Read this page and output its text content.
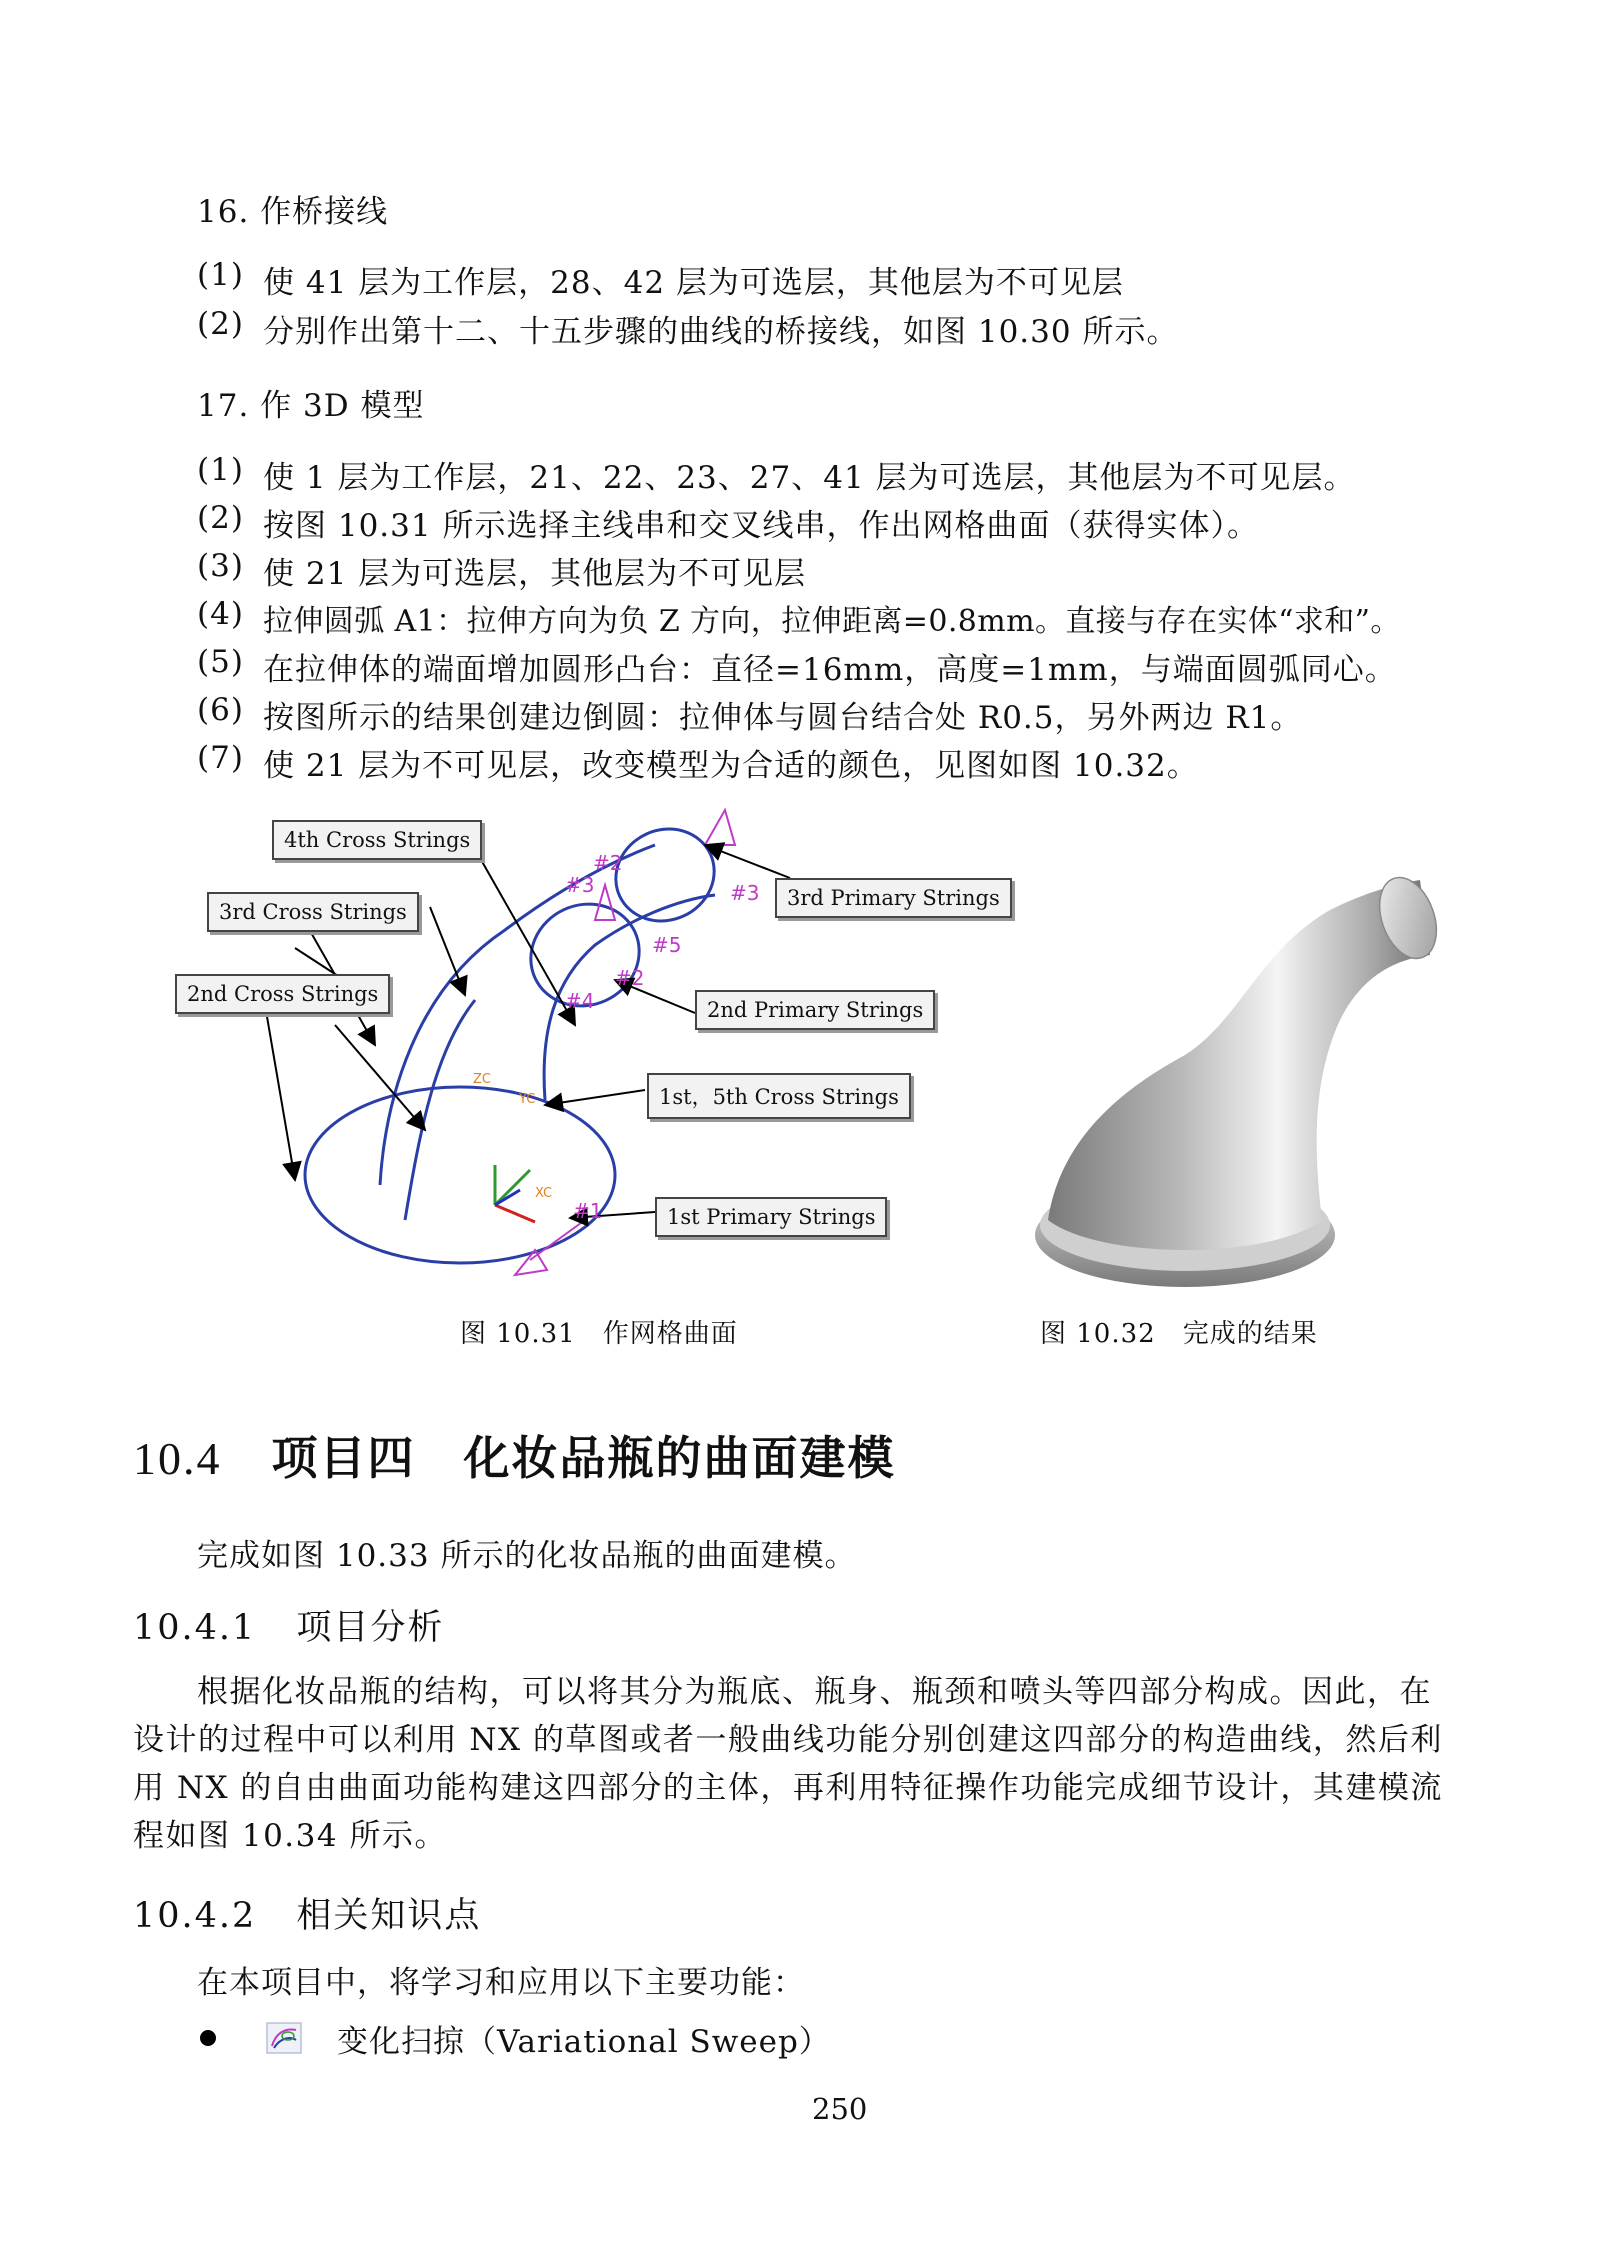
16. 作桥接线
(1) 使 41 层为工作层，28、42 层为可选层，其他层为不可见层
(2) 分别作出第十二、十五步骤的曲线的桥接线，如图 10.30 所示。
17. 作 3D 模型
(1) 使 1 层为工作层，21、22、23、27、41 层为可选层，其他层为不可见层。
(2) 按图 10.31 所示选择主线串和交叉线串，作出网格曲面（获得实体）。
(3) 使 21 层为可选层，其他层为不可见层
(4) 拉伸圆弧 A1：拉伸方向为负 Z 方向，拉伸距离=0.8mm。直接与存在实体“求和”。
(5) 在拉伸体的端面增加圆形凸台：直径=16mm，高度=1mm，与端面圆弧同心。
(6) 按图所示的结果创建边倒圆：拉伸体与圆台结合处 R0.5，另外两边 R1。
(7) 使 21 层为不可见层，改变模型为合适的颜色，见图如图 10.32。
#1
#2
#2
#3	#3
#4
#5
ZC
YC
XC
4th Cross Strings
3rd Cross Strings
2nd Cross Strings
3rd Primary Strings
2nd Primary Strings
1st，5th Cross Strings
1st Primary Strings
图 10.31　作网格曲面	图 10.32　完成的结果
10.4 项目四　化妆品瓶的曲面建模
完成如图 10.33 所示的化妆品瓶的曲面建模。
10.4.1 项目分析
根据化妆品瓶的结构，可以将其分为瓶底、瓶身、瓶颈和喷头等四部分构成。因此，在
设计的过程中可以利用 NX 的草图或者一般曲线功能分别创建这四部分的构造曲线，然后利
用 NX 的自由曲面功能构建这四部分的主体，再利用特征操作功能完成细节设计，其建模流
程如图 10.34 所示。
10.4.2 相关知识点
在本项目中，将学习和应用以下主要功能：
变化扫掠（Variational Sweep）
250
